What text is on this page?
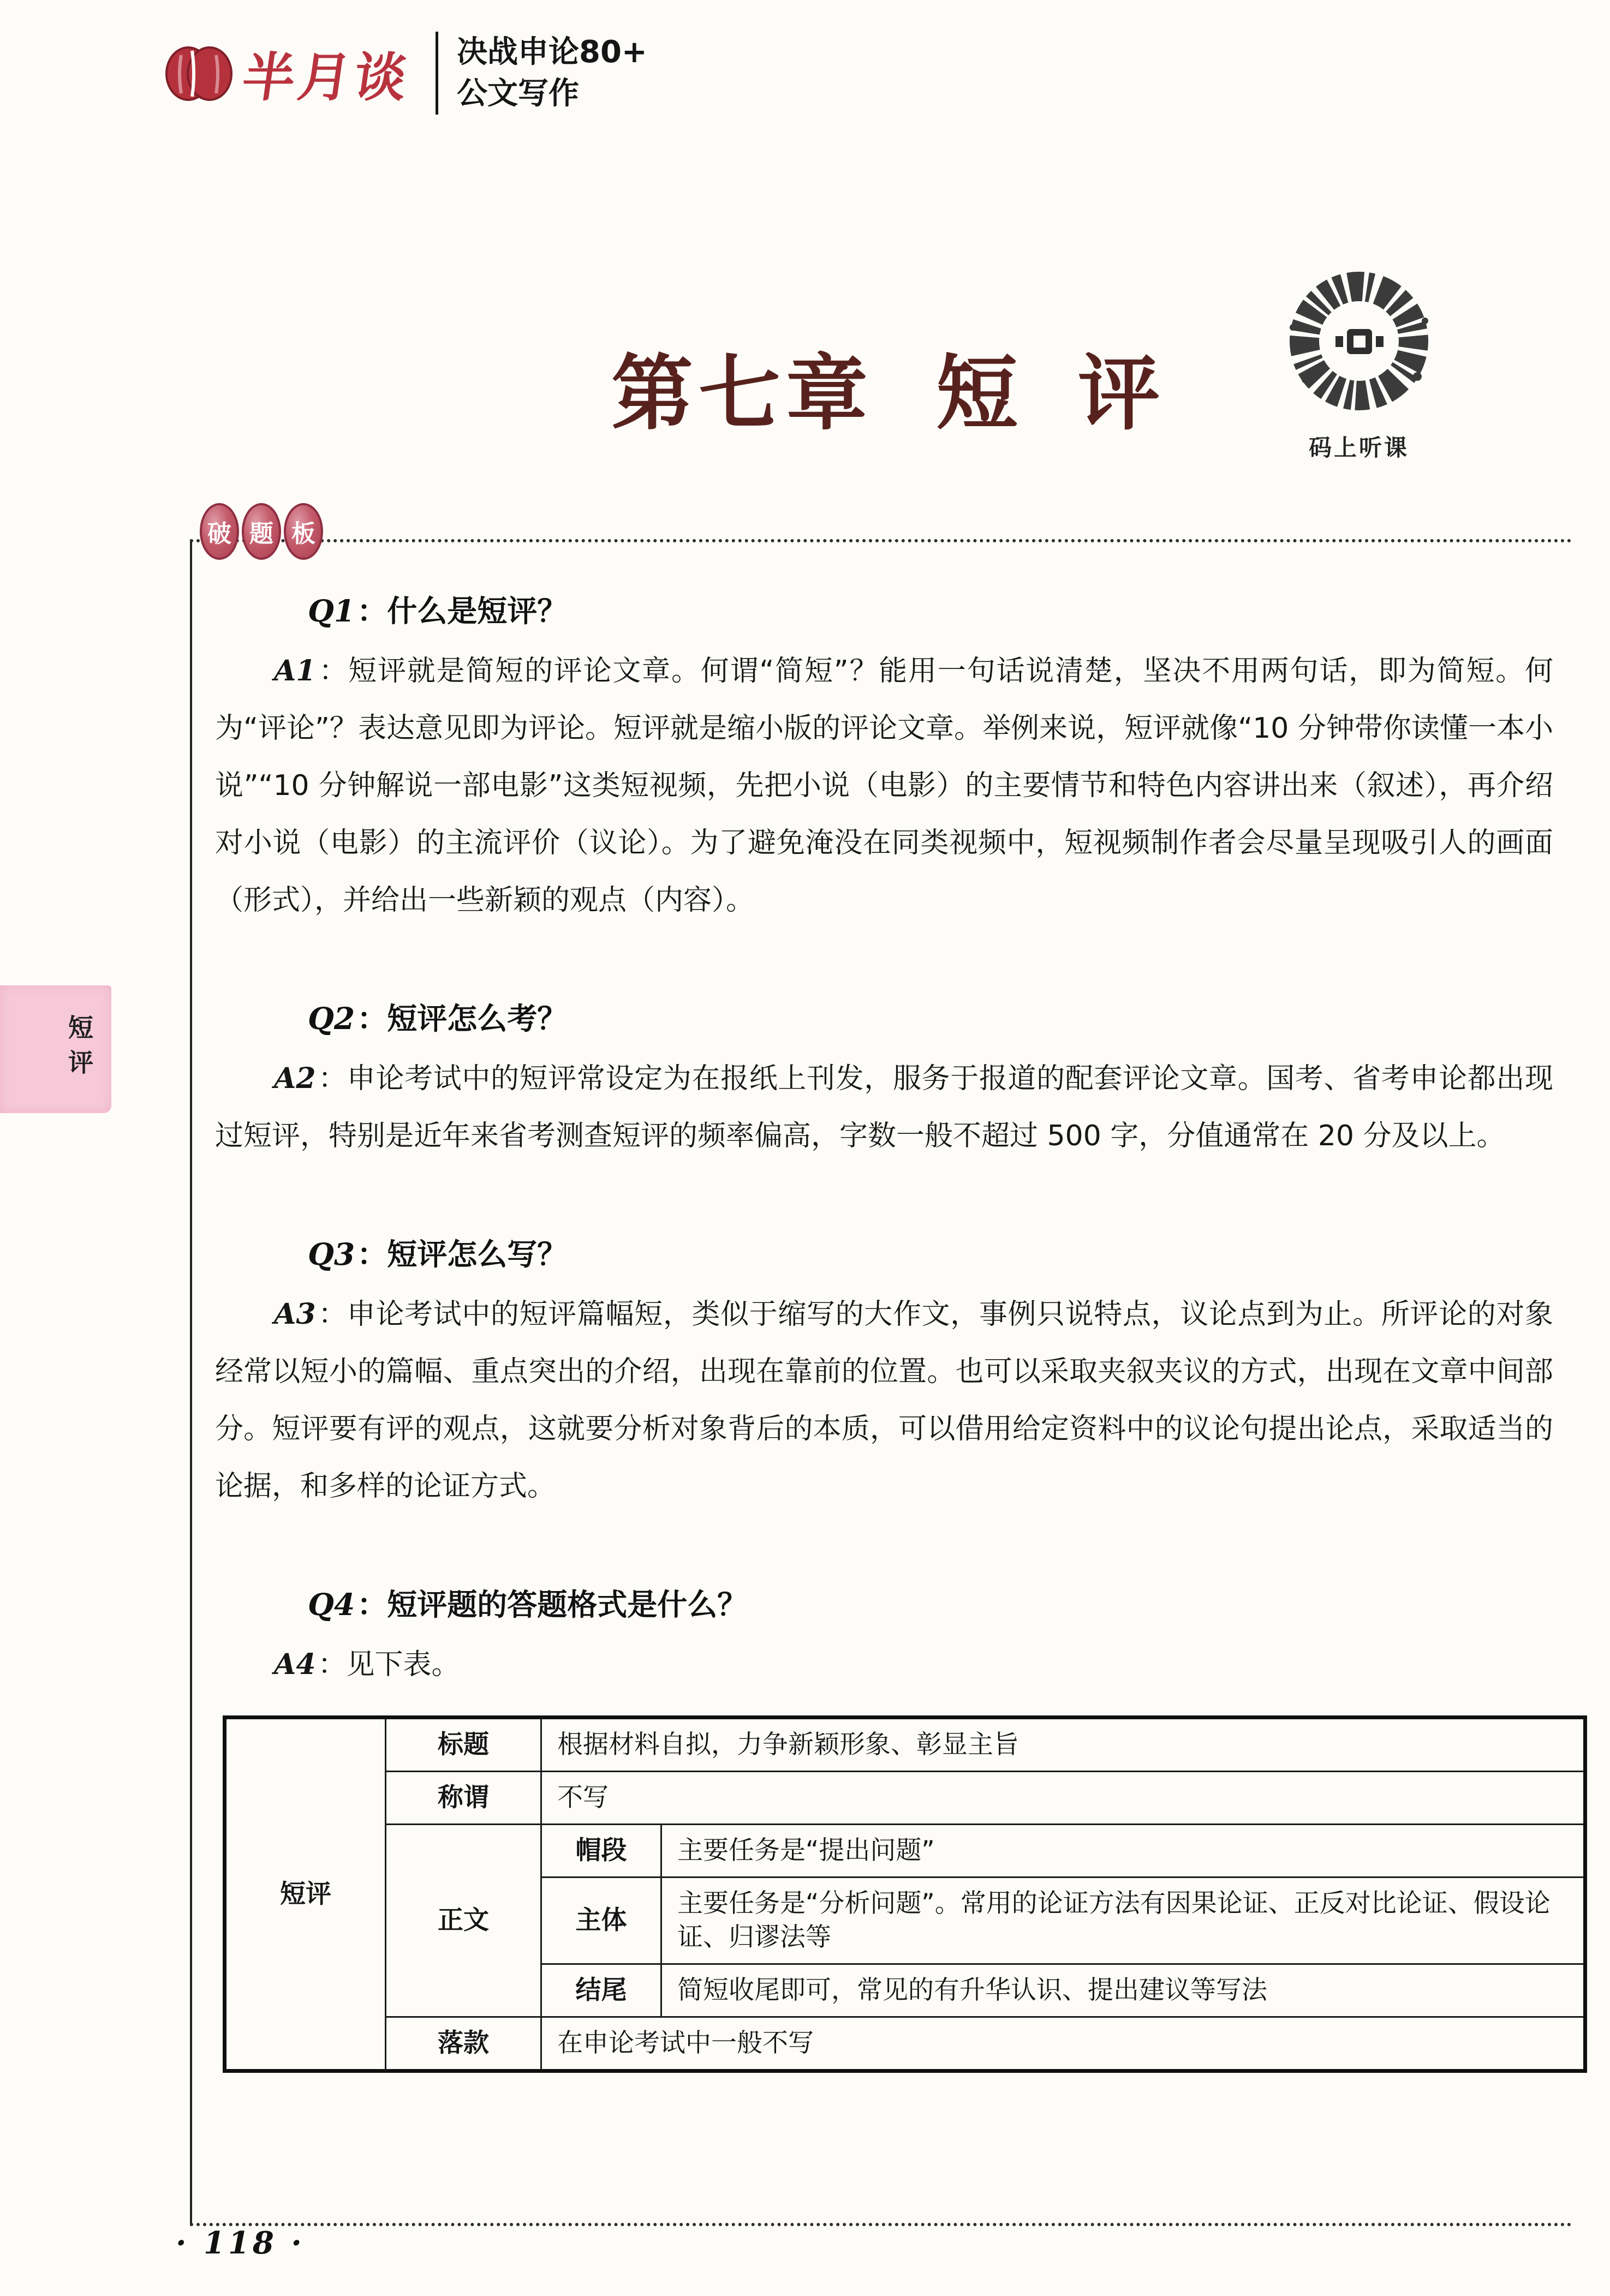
半月谈 决战申论80+
公文写作
第七章 短 评
码上听课
破 题 板
Q1：什么是短评？

A1：短评就是简短的评论文章。何谓“简短”？能用一句话说清楚，坚决不用两句话，即为简短。何为“评论”？表达意见即为评论。短评就是缩小版的评论文章。举例来说，短评就像“10 分钟带你读懂一本小说”“10 分钟解说一部电影”这类短视频，先把小说（电影）的主要情节和特色内容讲出来（叙述），再介绍对小说（电影）的主流评价（议论）。为了避免淹没在同类视频中，短视频制作者会尽量呈现吸引人的画面（形式），并给出一些新颖的观点（内容）。

Q2：短评怎么考？

A2：申论考试中的短评常设定为在报纸上刊发，服务于报道的配套评论文章。国考、省考申论都出现过短评，特别是近年来省考测查短评的频率偏高，字数一般不超过 500 字，分值通常在 20 分及以上。

Q3：短评怎么写？

A3：申论考试中的短评篇幅短，类似于缩写的大作文，事例只说特点，议论点到为止。所评论的对象经常以短小的篇幅、重点突出的介绍，出现在靠前的位置。也可以采取夹叙夹议的方式，出现在文章中间部分。短评要有评的观点，这就要分析对象背后的本质，可以借用给定资料中的议论句提出论点，采取适当的论据，和多样的论证方式。

Q4：短评题的答题格式是什么？

A4：见下表。

短评	标题	根据材料自拟，力争新颖形象、彰显主旨	
	称谓	不写	
	正文	帽段	主要任务是“提出问题”
		主体	主要任务是“分析问题”。常用的论证方法有因果论证、正反对比论证、假设论证、归谬法等
		结尾	简短收尾即可，常见的有升华认识、提出建议等写法
	落款	在申论考试中一般不写	
短评
· 118 ·
